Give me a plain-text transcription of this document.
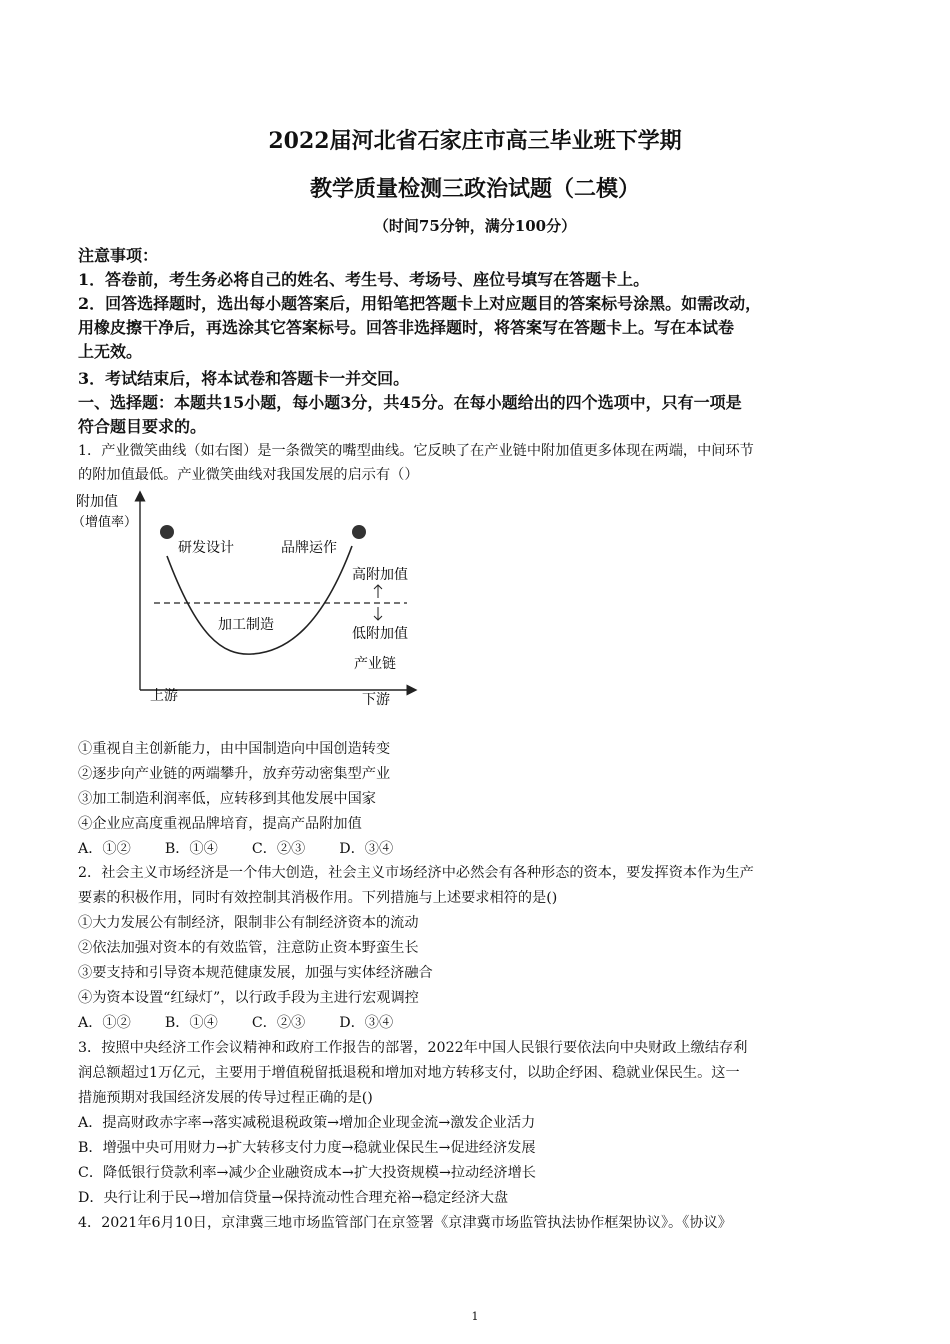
2022届河北省石家庄市高三毕业班下学期
教学质量检测三政治试题（二模）
（时间75分钟，满分100分）
注意事项：
1．答卷前，考生务必将自己的姓名、考生号、考场号、座位号填写在答题卡上。
2．回答选择题时，选出每小题答案后，用铅笔把答题卡上对应题目的答案标号涂黑。如需改动，
用橡皮擦干净后，再选涂其它答案标号。回答非选择题时，将答案写在答题卡上。写在本试卷
上无效。
3．考试结束后，将本试卷和答题卡一并交回。
一、选择题：本题共15小题，每小题3分，共45分。在每小题给出的四个选项中，只有一项是
符合题目要求的。
1．产业微笑曲线（如右图）是一条微笑的嘴型曲线。它反映了在产业链中附加值更多体现在两端，中间环节
的附加值最低。产业微笑曲线对我国发展的启示有（）
附加值
（增值率）
研发设计	品牌运作
加工制造
高附加值
低附加值
产业链
上游	下游
①重视自主创新能力，由中国制造向中国创造转变
②逐步向产业链的两端攀升，放弃劳动密集型产业
③加工制造利润率低，应转移到其他发展中国家
④企业应高度重视品牌培育，提高产品附加值
A．①② B．①④ C．②③ D．③④
2．社会主义市场经济是一个伟大创造，社会主义市场经济中必然会有各种形态的资本，要发挥资本作为生产
要素的积极作用，同时有效控制其消极作用。下列措施与上述要求相符的是()
①大力发展公有制经济，限制非公有制经济资本的流动
②依法加强对资本的有效监管，注意防止资本野蛮生长
③要支持和引导资本规范健康发展，加强与实体经济融合
④为资本设置“红绿灯”，以行政手段为主进行宏观调控
A．①② B．①④ C．②③ D．③④
3．按照中央经济工作会议精神和政府工作报告的部署，2022年中国人民银行要依法向中央财政上缴结存利
润总额超过1万亿元，主要用于增值税留抵退税和增加对地方转移支付，以助企纾困、稳就业保民生。这一
措施预期对我国经济发展的传导过程正确的是()
A．提高财政赤字率→落实减税退税政策→增加企业现金流→激发企业活力
B．增强中央可用财力→扩大转移支付力度→稳就业保民生→促进经济发展
C．降低银行贷款利率→减少企业融资成本→扩大投资规模→拉动经济增长
D．央行让利于民→增加信贷量→保持流动性合理充裕→稳定经济大盘
4．2021年6月10日，京津冀三地市场监管部门在京签署《京津冀市场监管执法协作框架协议》。《协议》
1
